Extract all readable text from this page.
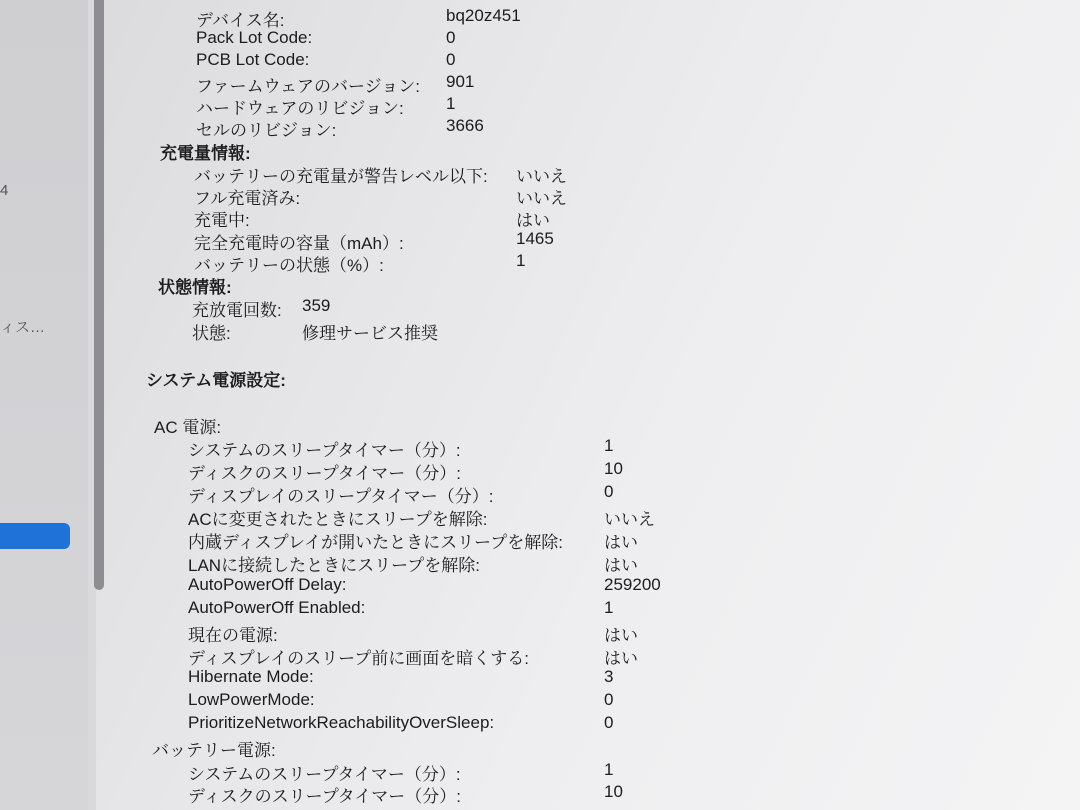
4
ィス…
デバイス名:	bq20z451
Pack Lot Code:	0
PCB Lot Code:	0
ファームウェアのバージョン: 901
ハードウェアのリビジョン: 1
セルのリビジョン:	3666
充電量情報:
バッテリーの充電量が警告レベル以下: いいえ
フル充電済み:	いいえ
充電中:	はい
完全充電時の容量（mAh）:	1465
バッテリーの状態（%）:	1
状態情報:
充放電回数: 359
状態:	修理サービス推奨
システム電源設定:
AC 電源:
システムのスリープタイマー（分）:	1
ディスクのスリープタイマー（分）:	10
ディスプレイのスリープタイマー（分）:	0
ACに変更されたときにスリープを解除:	いいえ
内蔵ディスプレイが開いたときにスリープを解除: はい
LANに接続したときにスリープを解除:	はい
AutoPowerOff Delay:	259200
AutoPowerOff Enabled:	1
現在の電源:	はい
ディスプレイのスリープ前に画面を暗くする:	はい
Hibernate Mode:	3
LowPowerMode:	0
PrioritizeNetworkReachabilityOverSleep:	0
バッテリー電源:
システムのスリープタイマー（分）:	1
ディスクのスリープタイマー（分）:	10
